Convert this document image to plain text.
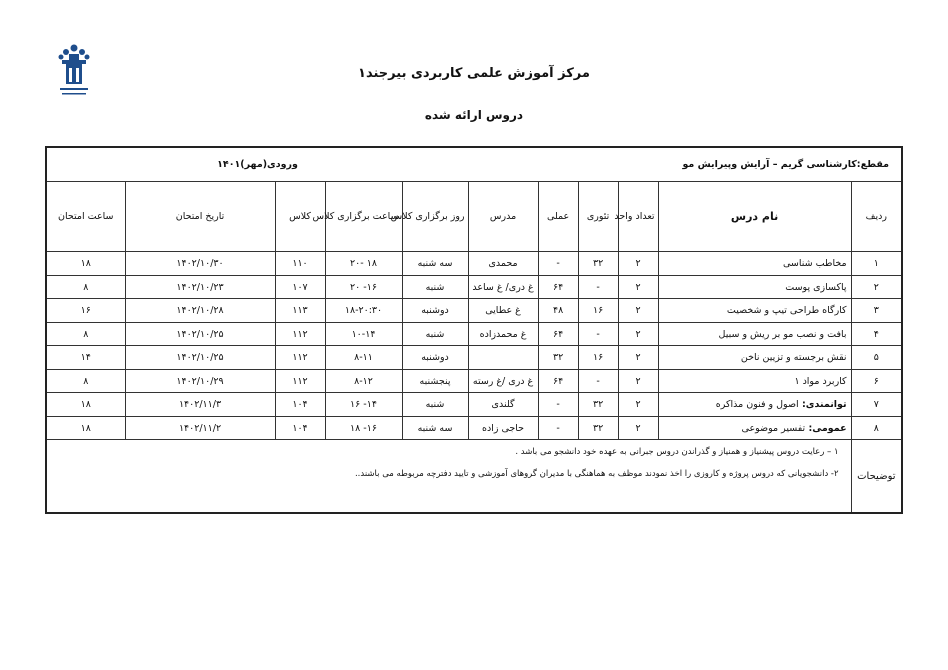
مرکز آموزش علمی کاربردی بیرجند۱
دروس ارائه شده
مقطع:کارشناسی گریم – آرایش وپیرایش مو						ورودی(مهر)۱۴۰۱				
ردیف	نام درس	تعداد واحد	تئوری	عملی	مدرس	روز برگزاری کلاس	ساعت برگزاری کلاس	کلاس	تاریخ امتحان	ساعت امتحان
۱	مخاطب شناسی	۲	۳۲	-	محمدی	سه شنبه	۱۸ -۲۰	۱۱۰	۱۴۰۲/۱۰/۳۰	۱۸
۲	پاکسازی پوست	۲	-	۶۴	غ دری/ غ ساعد	شنبه	۱۶- ۲۰	۱۰۷	۱۴۰۲/۱۰/۲۳	۸
۳	کارگاه طراحی تیپ و شخصیت	۲	۱۶	۴۸	غ عطایی	دوشنبه	۱۸-۲۰:۳۰	۱۱۳	۱۴۰۲/۱۰/۲۸	۱۶
۴	بافت و نصب مو بر ریش و سبیل	۲	-	۶۴	غ محمدزاده	شنبه	۱۰-۱۴	۱۱۲	۱۴۰۲/۱۰/۲۵	۸
۵	نقش برجسته و تزیین ناخن	۲	۱۶	۳۲		دوشنبه	۸-۱۱	۱۱۲	۱۴۰۲/۱۰/۲۵	۱۴
۶	کاربرد مواد ۱	۲	-	۶۴	غ دری /غ رسته	پنجشنبه	۸-۱۲	۱۱۲	۱۴۰۲/۱۰/۲۹	۸
۷	توانمندی: اصول و فنون مذاکره	۲	۳۲	-	گلندی	شنبه	۱۴- ۱۶	۱۰۴	۱۴۰۲/۱۱/۳	۱۸
۸	عمومی: تفسیر موضوعی	۲	۳۲	-	حاجی زاده	سه شنبه	۱۶- ۱۸	۱۰۴	۱۴۰۲/۱۱/۲	۱۸
توضیحات	۱ – رعایت دروس پیشنیاز و همنیاز و گذراندن دروس جبرانی به عهده خود دانشجو می باشد .
۲- دانشجویانی که دروس پروژه و کاروزی را اخذ نمودند موظف به هماهنگی با مدیران گروهای آموزشی و تایید دفترچه مربوطه می باشند..									
